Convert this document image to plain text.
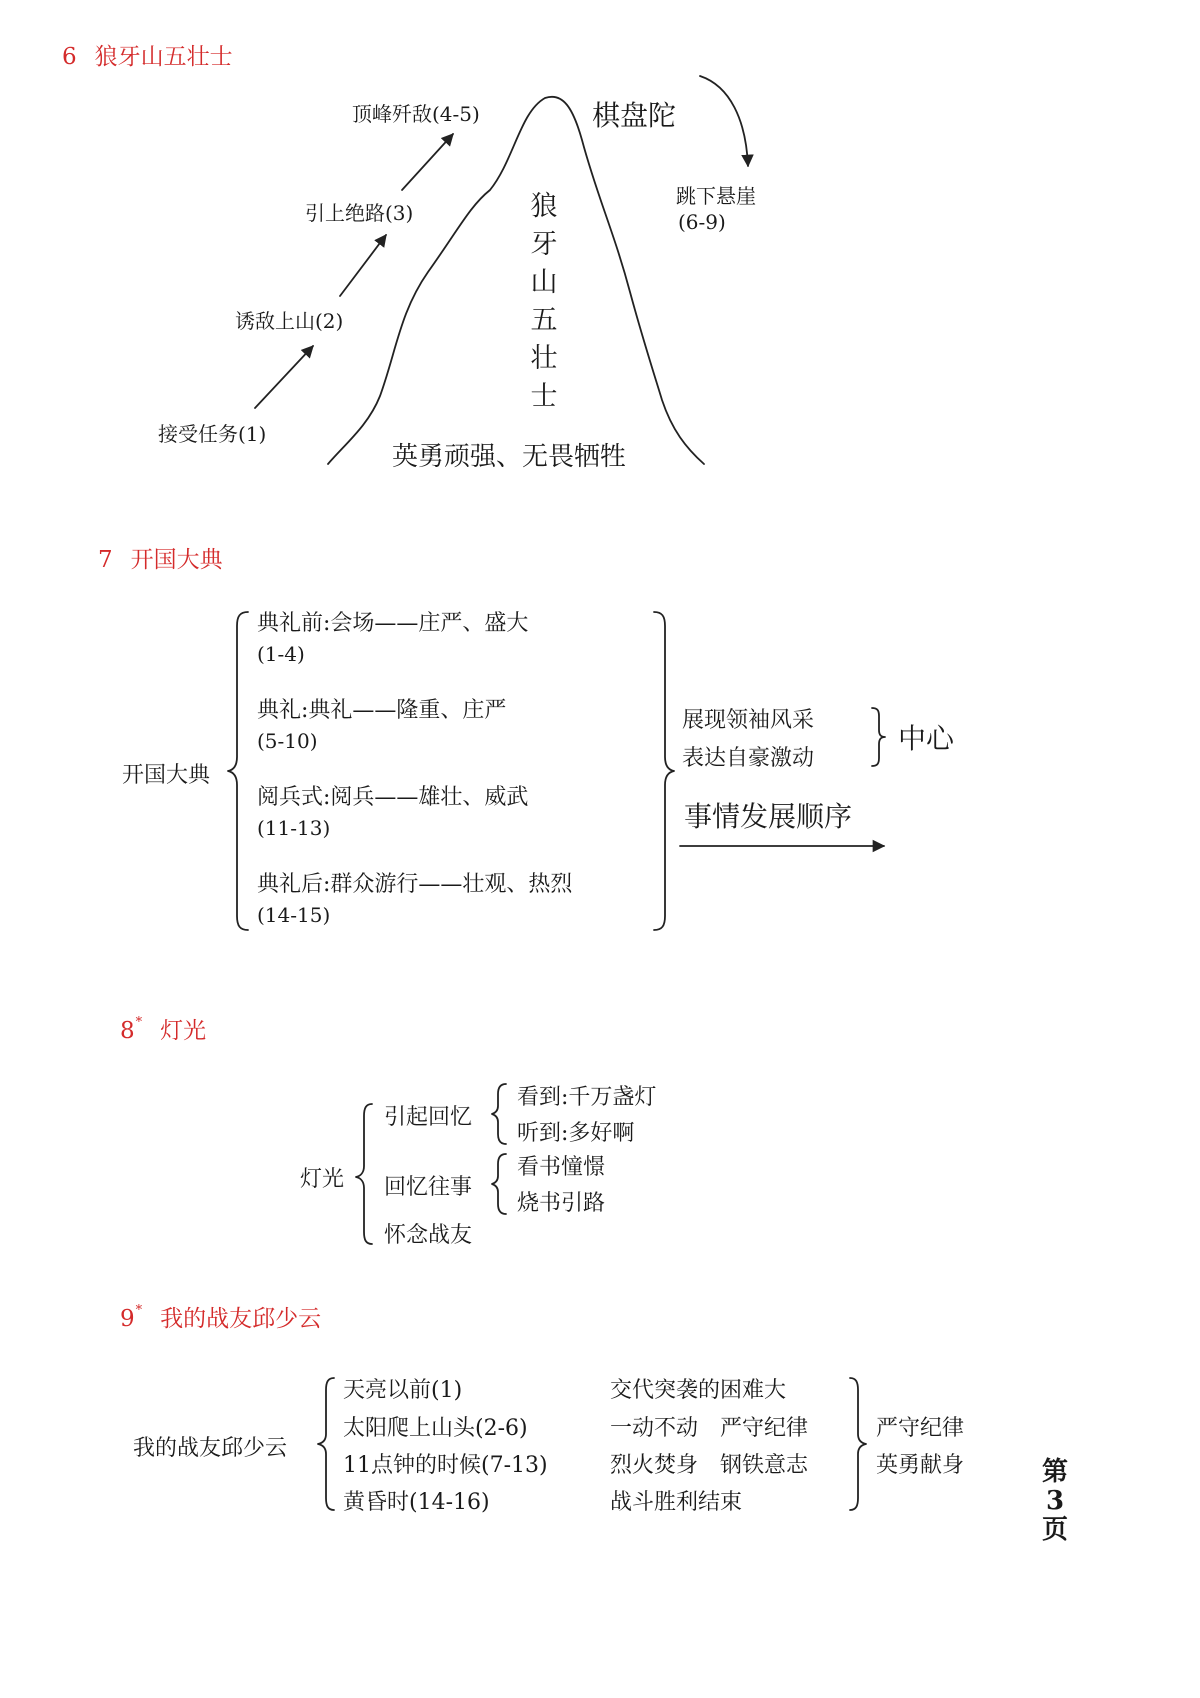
6 狼牙山五壮士
棋盘陀
狼
牙
山
五
壮
士
接受任务(1)
诱敌上山(2)
引上绝路(3)
顶峰歼敌(4-5)
跳下悬崖
(6-9)
英勇顽强、无畏牺牲
7 开国大典
开国大典
典礼前:会场——庄严、盛大
(1-4)
典礼:典礼——隆重、庄严
(5-10)
阅兵式:阅兵——雄壮、威武
(11-13)
典礼后:群众游行——壮观、热烈
(14-15)
展现领袖风采
表达自豪激动
中心
事情发展顺序
8* 灯光
灯光
引起回忆
回忆往事
怀念战友
看到:千万盏灯
听到:多好啊
看书憧憬
烧书引路
9* 我的战友邱少云
我的战友邱少云
天亮以前(1)
太阳爬上山头(2-6)
11点钟的时候(7-13)
黄昏时(14-16)
交代突袭的困难大
一动不动　严守纪律
烈火焚身　钢铁意志
战斗胜利结束
严守纪律
英勇献身	第
3
页
